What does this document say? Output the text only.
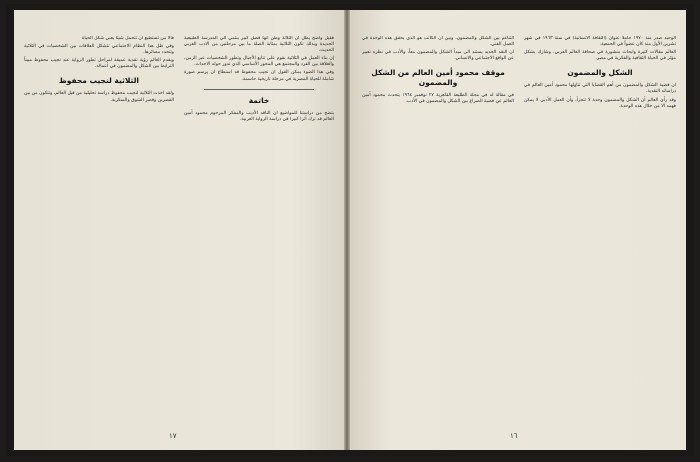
فقيل واضح يظل ان الثلاثة وطن أنها فصل كبير ينتمي الى المدرسة الطبيعية الجديدة وبذلك تكون الثلاثية بمثابة الصلة ما بين مرحلتين من الادب العربي الحديث.

إن بناء العمل في الثلاثية يقوم على تتابع الأجيال وتطور الشخصيات عبر الزمن، والعلاقة بين الفرد والمجتمع هي المحور الأساسي الذي تدور حوله الاحداث.

وفي هذا الضوء يمكن القول ان نجيب محفوظ قد استطاع ان يرسم صورة شاملة للحياة المصرية في مرحلة تاريخية حاسمة.

خاتمة

يتضح من دراستنا للمواضيع ان الناقد الأديب والمفكر المرحوم محمود أمين العالم قد ترك أثرا كبيرا في دراسة الرواية العربية.

فالاً من تستطيع ان تتحمل شيئاً يعني شكل الحياة

وفي ظل هذا النظام الاجتماعي تتشكل العلاقات بين الشخصيات في الثلاثية وتتحدد مصائرها.

ويقدم العالم رؤية نقدية عميقة لمراحل تطور الرواية عند نجيب محفوظ مبيناً الترابط بين الشكل والمضمون في أعماله.

الثلاثية لنجيب محفوظ

ولقد اخذت الثلاثية لنجيب محفوظ دراسة تحليلية من قبل العالم، وتتكون من بين القصرين وقصر الشوق والسكرية.

١٧

الوحيد صدر منذ ١٩٧٠ حاملاً عنوان (الثقافة الانسانية) في سنة ١٩٦٣ في شهر تشرين الأول منذ كان عضواً في الجمعية.

العالم مقالات كثيرة وابحاث منشورة في صحافة العالم العربي، وشارك بشكل مؤثر في الحياة الثقافية والفكرية في مصر.

الشكل والمضمون

ان قضية الشكل والمضمون من أهم القضايا التي تناولها محمود أمين العالم في دراساته النقدية.

وقد رأى العالم أن الشكل والمضمون وحدة لا تتجزأ، وأن العمل الأدبي لا يمكن فهمه الا من خلال هذه الوحدة.

التناغم بين الشكل والمضمون، وبين أن الكاتب هو الذي يحقق هذه الوحدة في العمل الفني.

ان النقد الجديد يستند الى مبدأ الشكل والمضمون معاً، والأدب في نظره تعبير عن الواقع الاجتماعي والانساني.

موقف محمود أمين العالم من الشكل والمضمون

في مقالة له في مجلة الطليعة القاهرية ٢٧ نوفمبر ١٩٦٤ يتحدث محمود أمين العالم عن قضية الصراع بين الشكل والمضمون في الأدب.

١٦
